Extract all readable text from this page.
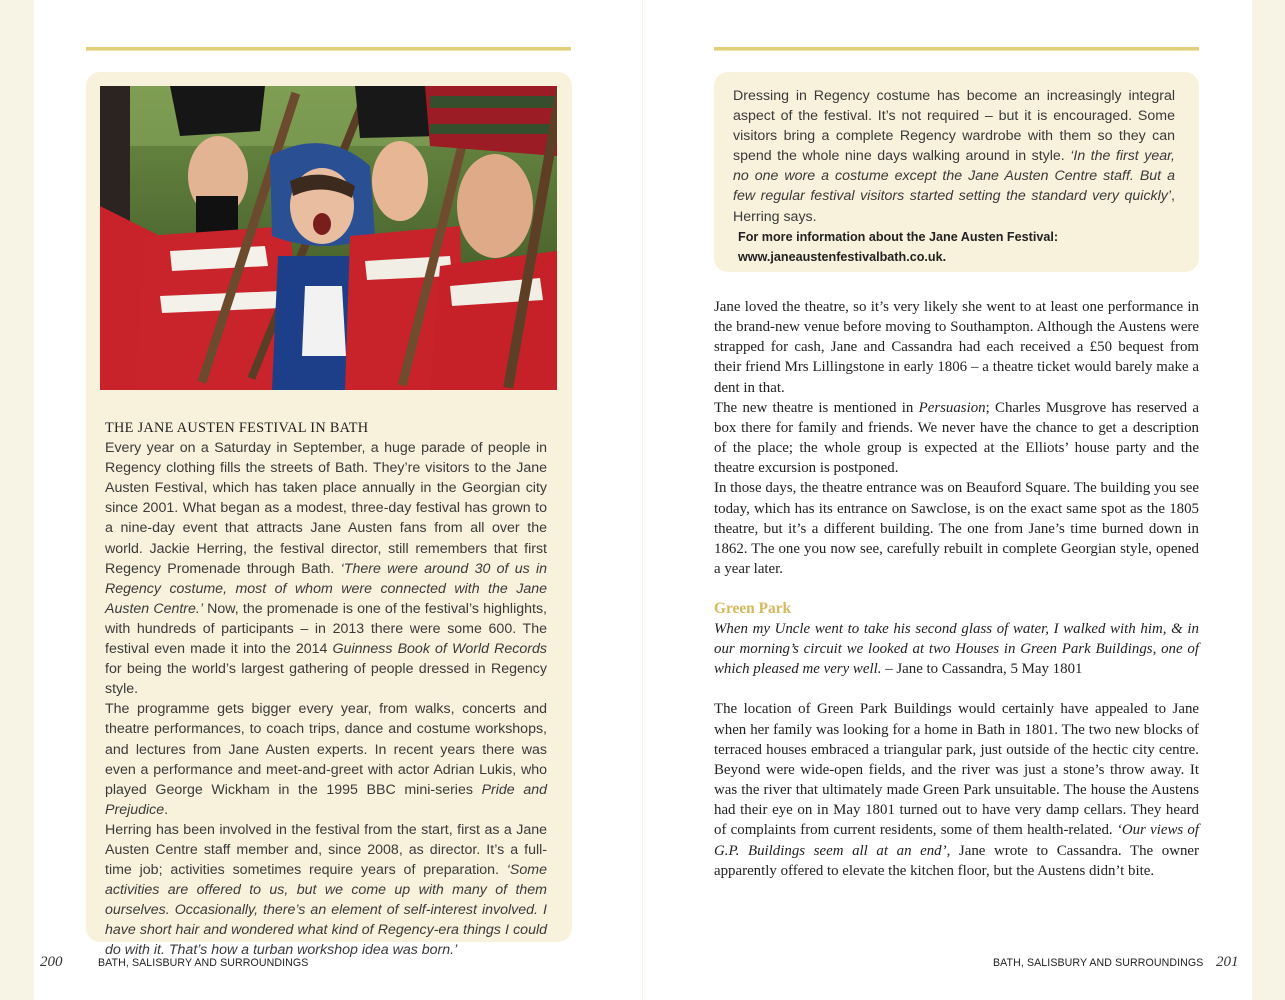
THE JANE AUSTEN FESTIVAL IN BATH

Every year on a Saturday in September, a huge parade of people in Regency clothing fills the streets of Bath. They’re visitors to the Jane Austen Festival, which has taken place annually in the Georgian city since 2001. What began as a modest, three-day festival has grown to a nine-day event that attracts Jane Austen fans from all over the world. Jackie Herring, the festival director, still remembers that first Regency Promenade through Bath. ‘There were around 30 of us in Regency costume, most of whom were connected with the Jane Austen Centre.’ Now, the promenade is one of the festival’s highlights, with hundreds of participants – in 2013 there were some 600. The festival even made it into the 2014 Guinness Book of World Records for being the world’s largest gathering of people dressed in Regency style.

The programme gets bigger every year, from walks, concerts and theatre performances, to coach trips, dance and costume workshops, and lectures from Jane Austen experts. In recent years there was even a performance and meet-and-greet with actor Adrian Lukis, who played George Wickham in the 1995 BBC mini-series Pride and Prejudice.

Herring has been involved in the festival from the start, first as a Jane Austen Centre staff member and, since 2008, as director. It’s a full-time job; activities sometimes require years of preparation. ‘Some activities are offered to us, but we come up with many of them ourselves. Occasionally, there’s an element of self-interest involved. I have short hair and wondered what kind of Regency-era things I could do with it. That’s how a turban workshop idea was born.’

200	BATH, SALISBURY AND SURROUNDINGS

Dressing in Regency costume has become an increasingly integral aspect of the festival. It’s not required – but it is encouraged. Some visitors bring a complete Regency wardrobe with them so they can spend the whole nine days walking around in style. ‘In the first year, no one wore a costume except the Jane Austen Centre staff. But a few regular festival visitors started setting the standard very quickly’, Herring says.

For more information about the Jane Austen Festival:
www.janeaustenfestivalbath.co.uk.

Jane loved the theatre, so it’s very likely she went to at least one performance in the brand-new venue before moving to Southampton. Although the Austens were strapped for cash, Jane and Cassandra had each received a £50 bequest from their friend Mrs Lillingstone in early 1806 – a theatre ticket would barely make a dent in that.

The new theatre is mentioned in Persuasion; Charles Musgrove has reserved a box there for family and friends. We never have the chance to get a description of the place; the whole group is expected at the Elliots’ house party and the theatre excursion is postponed.

In those days, the theatre entrance was on Beauford Square. The building you see today, which has its entrance on Sawclose, is on the exact same spot as the 1805 theatre, but it’s a different building. The one from Jane’s time burned down in 1862. The one you now see, carefully rebuilt in complete Georgian style, opened a year later.

Green Park

When my Uncle went to take his second glass of water, I walked with him, & in our morning’s circuit we looked at two Houses in Green Park Buildings, one of which pleased me very well. – Jane to Cassandra, 5 May 1801

The location of Green Park Buildings would certainly have appealed to Jane when her family was looking for a home in Bath in 1801. The two new blocks of terraced houses embraced a triangular park, just outside of the hectic city centre. Beyond were wide-open fields, and the river was just a stone’s throw away. It was the river that ultimately made Green Park unsuitable. The house the Austens had their eye on in May 1801 turned out to have very damp cellars. They heard of complaints from current residents, some of them health-related. ‘Our views of G.P. Buildings seem all at an end’, Jane wrote to Cassandra. The owner apparently offered to elevate the kitchen floor, but the Austens didn’t bite.

BATH, SALISBURY AND SURROUNDINGS 201
